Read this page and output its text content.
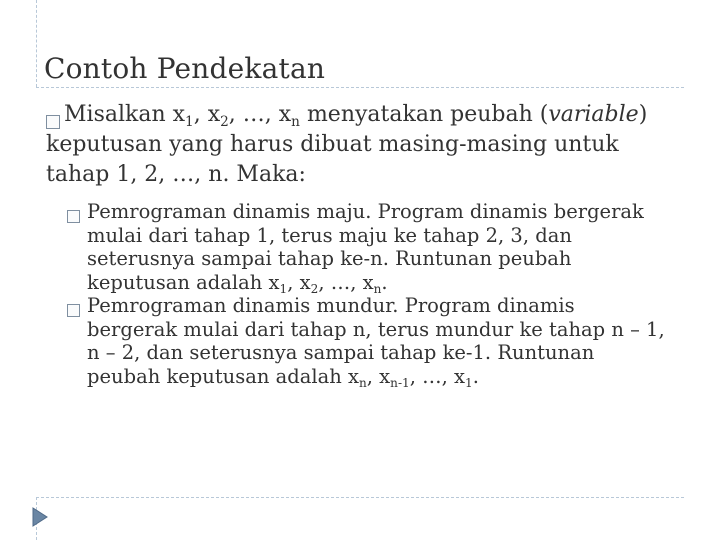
Contoh Pendekatan
Misalkan $x_1$, $x_2$, …, $x_n$ menyatakan peubah (variable) keputusan yang harus dibuat masing-masing untuk tahap 1, 2, …, n. Maka:
Pemrograman dinamis maju. Program dinamis bergerak mulai dari tahap 1, terus maju ke tahap 2, 3, dan seterusnya sampai tahap ke-n. Runtunan peubah keputusan adalah $x_1$, $x_2$, …, $x_n$.
Pemrograman dinamis mundur. Program dinamis bergerak mulai dari tahap n, terus mundur ke tahap n – 1, n – 2, dan seterusnya sampai tahap ke-1. Runtunan peubah keputusan adalah $x_n$, $x_{n-1}$, …, $x_1$.
